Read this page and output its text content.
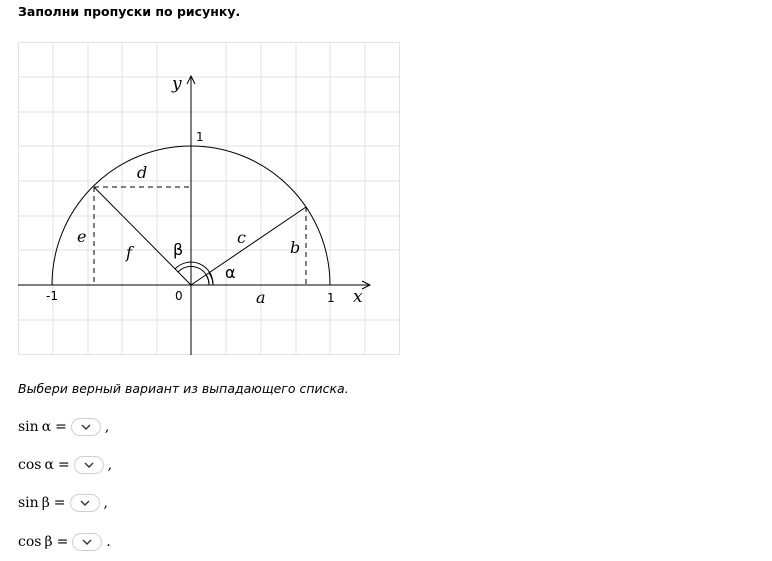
Заполни пропуски по рисунку.
-1	0	1
1
x
y
a
b
c
d
e
f	β
α
Выбери верный вариант из выпадающего списка.
sin α =	,
cos α =	,
sin β =	,
cos β =	.
